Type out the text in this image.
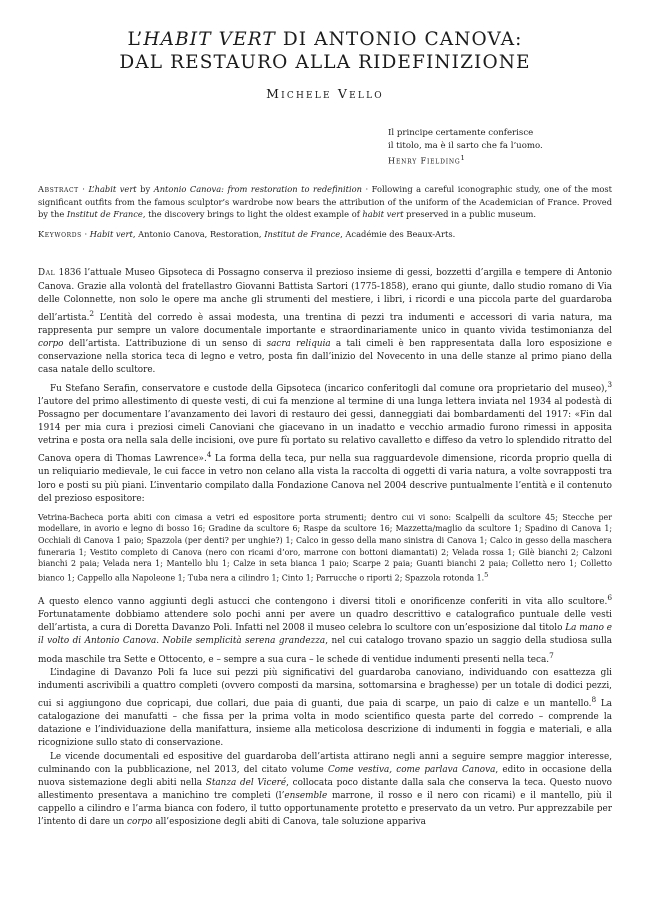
L’HABIT VERT DI ANTONIO CANOVA:
DAL RESTAURO ALLA RIDEFINIZIONE
Michele Vello
Il principe certamente conferisce
il titolo, ma è il sarto che fa l’uomo.
Henry Fielding$^1$
Abstract · L’habit vert by Antonio Canova: from restoration to redefinition · Following a careful iconographic study, one of the most significant outfits from the famous sculptor’s wardrobe now bears the attribution of the uniform of the Academician of France. Proved by the Institut de France, the discovery brings to light the oldest example of habit vert preserved in a public museum.
Keywords · Habit vert, Antonio Canova, Restoration, Institut de France, Académie des Beaux-Arts.

Dal 1836 l’attuale Museo Gipsoteca di Possagno conserva il prezioso insieme di gessi, bozzetti d’argilla e tempere di Antonio Canova. Grazie alla volontà del fratellastro Giovanni Battista Sartori (1775-1858), erano qui giunte, dallo studio romano di Via delle Colonnette, non solo le opere ma anche gli strumenti del mestiere, i libri, i ricordi e una piccola parte del guardaroba dell’artista.$^2$ L’entità del corredo è assai modesta, una trentina di pezzi tra indumenti e accessori di varia natura, ma rappresenta pur sempre un valore documentale importante e straordinariamente unico in quanto vivida testimonianza del corpo dell’artista. L’attribuzione di un senso di sacra reliquia a tali cimeli è ben rappresentata dalla loro esposizione e conservazione nella storica teca di legno e vetro, posta fin dall’inizio del Novecento in una delle stanze al primo piano della casa natale dello scultore.

Fu Stefano Serafin, conservatore e custode della Gipsoteca (incarico conferitogli dal comune ora proprietario del museo),$^3$ l’autore del primo allestimento di queste vesti, di cui fa menzione al termine di una lunga lettera inviata nel 1934 al podestà di Possagno per documentare l’avanzamento dei lavori di restauro dei gessi, danneggiati dai bombardamenti del 1917: «Fin dal 1914 per mia cura i preziosi cimeli Canoviani che giacevano in un inadatto e vecchio armadio furono rimessi in apposita vetrina e posta ora nella sala delle incisioni, ove pure fù portato su relativo cavalletto e diffeso da vetro lo splendido ritratto del Canova opera di Thomas Lawrence».$^4$ La forma della teca, pur nella sua ragguardevole dimensione, ricorda proprio quella di un reliquiario medievale, le cui facce in vetro non celano alla vista la raccolta di oggetti di varia natura, a volte sovrapposti tra loro e posti su più piani. L’inventario compilato dalla Fondazione Canova nel 2004 descrive puntualmente l’entità e il contenuto del prezioso espositore:

Vetrina-Bacheca porta abiti con cimasa a vetri ed espositore porta strumenti; dentro cui vi sono: Scalpelli da scultore 45; Stecche per modellare, in avorio e legno di bosso 16; Gradine da scultore 6; Raspe da scultore 16; Mazzetta/maglio da scultore 1; Spadino di Canova 1; Occhiali di Canova 1 paio; Spazzola (per denti? per unghie?) 1; Calco in gesso della mano sinistra di Canova 1; Calco in gesso della maschera funeraria 1; Vestito completo di Canova (nero con ricami d’oro, marrone con bottoni diamantati) 2; Velada rossa 1; Gilè bianchi 2; Calzoni bianchi 2 paia; Velada nera 1; Mantello blu 1; Calze in seta bianca 1 paio; Scarpe 2 paia; Guanti bianchi 2 paia; Colletto nero 1; Colletto bianco 1; Cappello alla Napoleone 1; Tuba nera a cilindro 1; Cinto 1; Parrucche o riporti 2; Spazzola rotonda 1.$^5$

A questo elenco vanno aggiunti degli astucci che contengono i diversi titoli e onorificenze conferiti in vita allo scultore.$^6$ Fortunatamente dobbiamo attendere solo pochi anni per avere un quadro descrittivo e catalografico puntuale delle vesti dell’artista, a cura di Doretta Davanzo Poli. Infatti nel 2008 il museo celebra lo scultore con un’esposizione dal titolo La mano e il volto di Antonio Canova. Nobile semplicità serena grandezza, nel cui catalogo trovano spazio un saggio della studiosa sulla moda maschile tra Sette e Ottocento, e – sempre a sua cura – le schede di ventidue indumenti presenti nella teca.$^7$

L’indagine di Davanzo Poli fa luce sui pezzi più significativi del guardaroba canoviano, individuando con esattezza gli indumenti ascrivibili a quattro completi (ovvero composti da marsina, sottomarsina e braghesse) per un totale di dodici pezzi, cui si aggiungono due copricapi, due collari, due paia di guanti, due paia di scarpe, un paio di calze e un mantello.$^8$ La catalogazione dei manufatti – che fissa per la prima volta in modo scientifico questa parte del corredo – comprende la datazione e l’individuazione della manifattura, insieme alla meticolosa descrizione di indumenti in foggia e materiali, e alla ricognizione sullo stato di conservazione.

Le vicende documentali ed espositive del guardaroba dell’artista attirano negli anni a seguire sempre maggior interesse, culminando con la pubblicazione, nel 2013, del citato volume Come vestiva, come parlava Canova, edito in occasione della nuova sistemazione degli abiti nella Stanza del Viceré, collocata poco distante dalla sala che conserva la teca. Questo nuovo allestimento presentava a manichino tre completi (l’ensemble marrone, il rosso e il nero con ricami) e il mantello, più il cappello a cilindro e l’arma bianca con fodero, il tutto opportunamente protetto e preservato da un vetro. Pur apprezzabile per l’intento di dare un corpo all’esposizione degli abiti di Canova, tale soluzione appariva
